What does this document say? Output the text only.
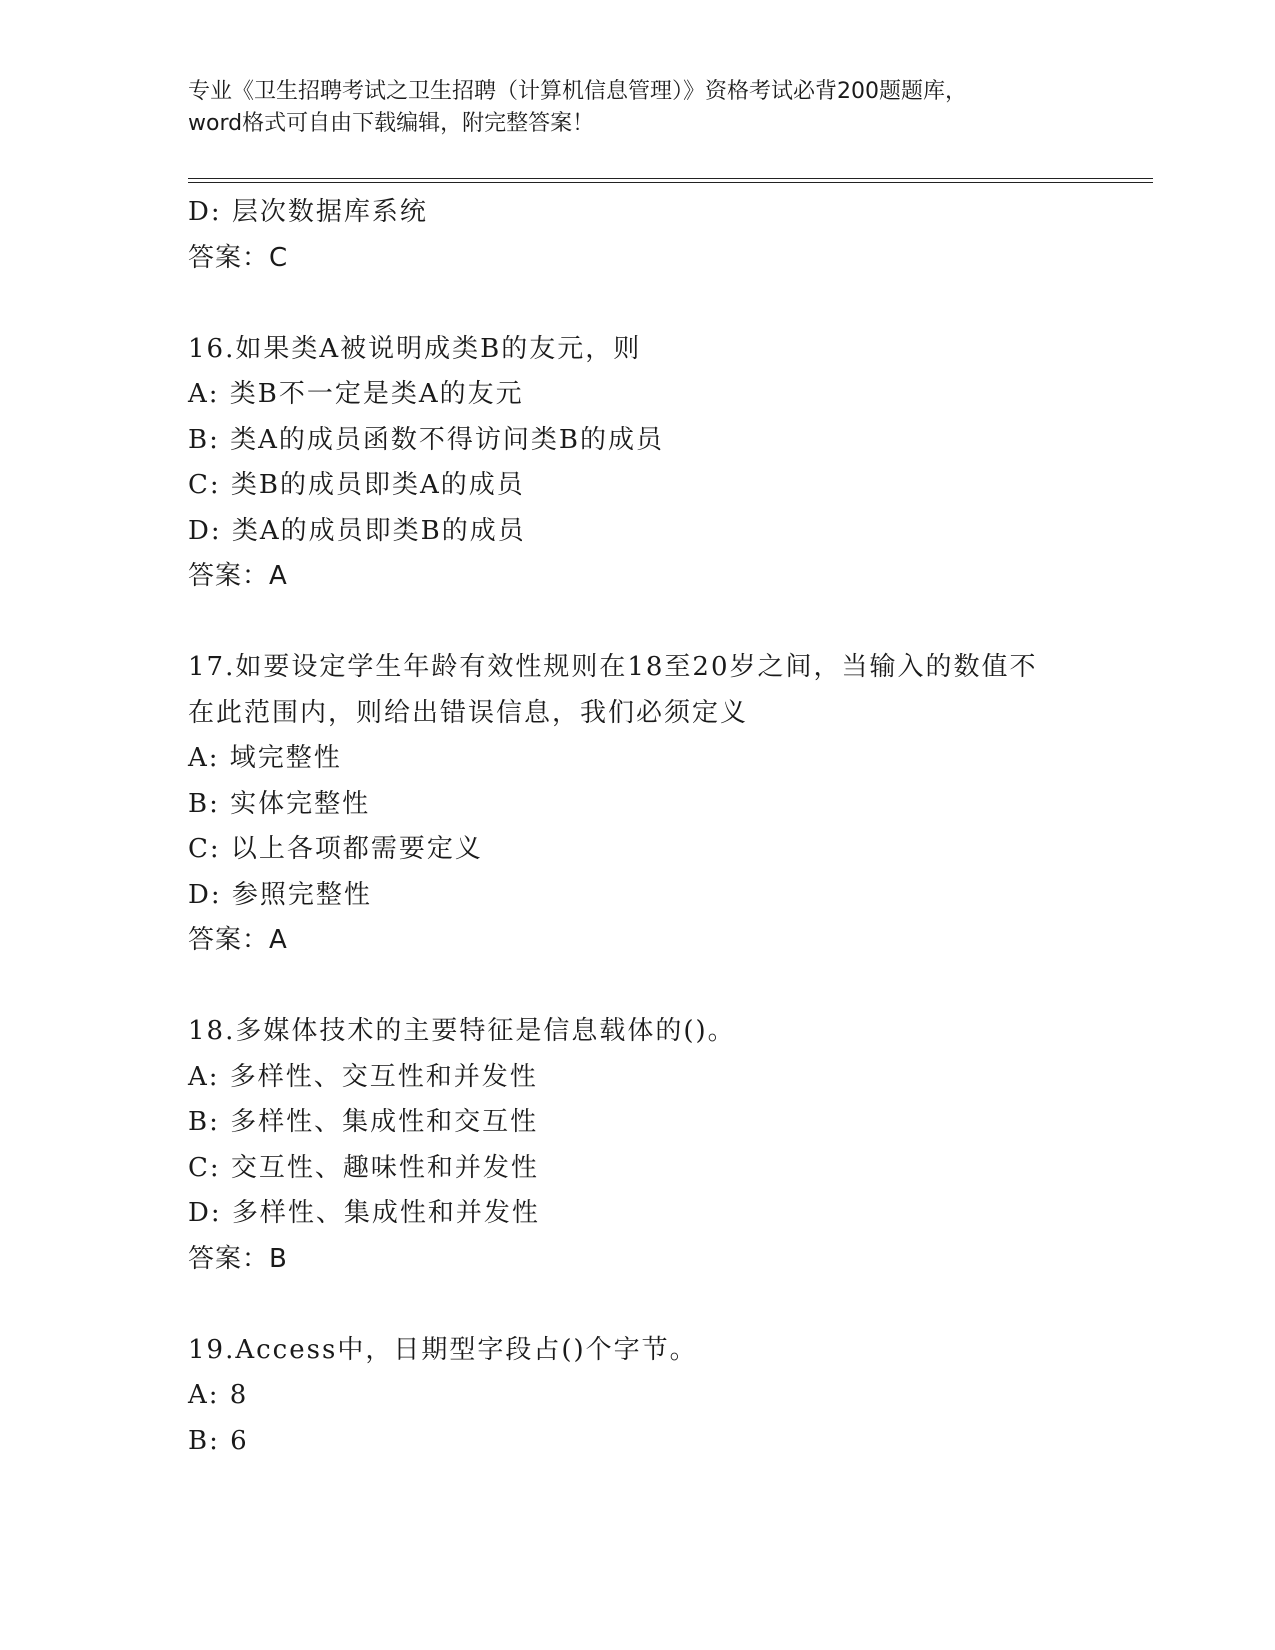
专业《卫生招聘考试之卫生招聘（计算机信息管理）》资格考试必背200题题库，
word格式可自由下载编辑，附完整答案！
D: 层次数据库系统
答案：C
16.如果类A被说明成类B的友元，则
A: 类B不一定是类A的友元
B: 类A的成员函数不得访问类B的成员
C: 类B的成员即类A的成员
D: 类A的成员即类B的成员
答案：A
17.如要设定学生年龄有效性规则在18至20岁之间，当输入的数值不
在此范围内，则给出错误信息，我们必须定义
A: 域完整性
B: 实体完整性
C: 以上各项都需要定义
D: 参照完整性
答案：A
18.多媒体技术的主要特征是信息载体的()。
A: 多样性、交互性和并发性
B: 多样性、集成性和交互性
C: 交互性、趣味性和并发性
D: 多样性、集成性和并发性
答案：B
19.Access中，日期型字段占()个字节。
A: 8
B: 6
